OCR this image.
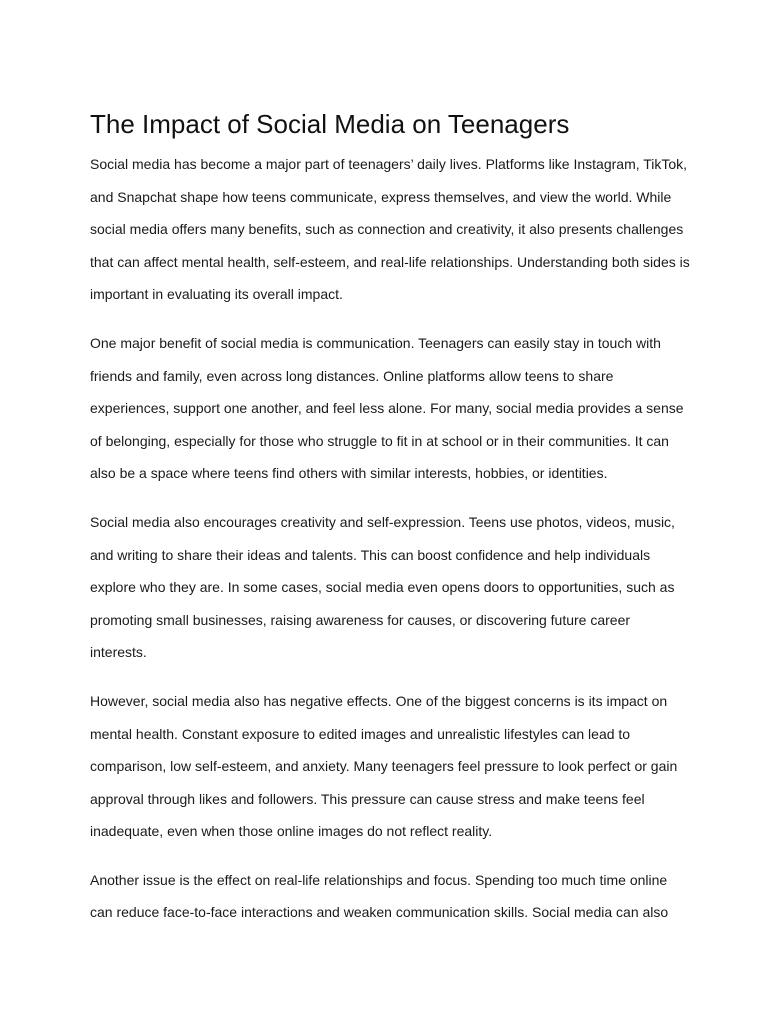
The Impact of Social Media on Teenagers

Social media has become a major part of teenagers’ daily lives. Platforms like Instagram, TikTok, and Snapchat shape how teens communicate, express themselves, and view the world. While social media offers many benefits, such as connection and creativity, it also presents challenges that can affect mental health, self-esteem, and real-life relationships. Understanding both sides is important in evaluating its overall impact.

One major benefit of social media is communication. Teenagers can easily stay in touch with friends and family, even across long distances. Online platforms allow teens to share experiences, support one another, and feel less alone. For many, social media provides a sense of belonging, especially for those who struggle to fit in at school or in their communities. It can also be a space where teens find others with similar interests, hobbies, or identities.

Social media also encourages creativity and self-expression. Teens use photos, videos, music, and writing to share their ideas and talents. This can boost confidence and help individuals explore who they are. In some cases, social media even opens doors to opportunities, such as promoting small businesses, raising awareness for causes, or discovering future career interests.

However, social media also has negative effects. One of the biggest concerns is its impact on mental health. Constant exposure to edited images and unrealistic lifestyles can lead to comparison, low self-esteem, and anxiety. Many teenagers feel pressure to look perfect or gain approval through likes and followers. This pressure can cause stress and make teens feel inadequate, even when those online images do not reflect reality.

Another issue is the effect on real-life relationships and focus. Spending too much time online can reduce face-to-face interactions and weaken communication skills. Social media can also
